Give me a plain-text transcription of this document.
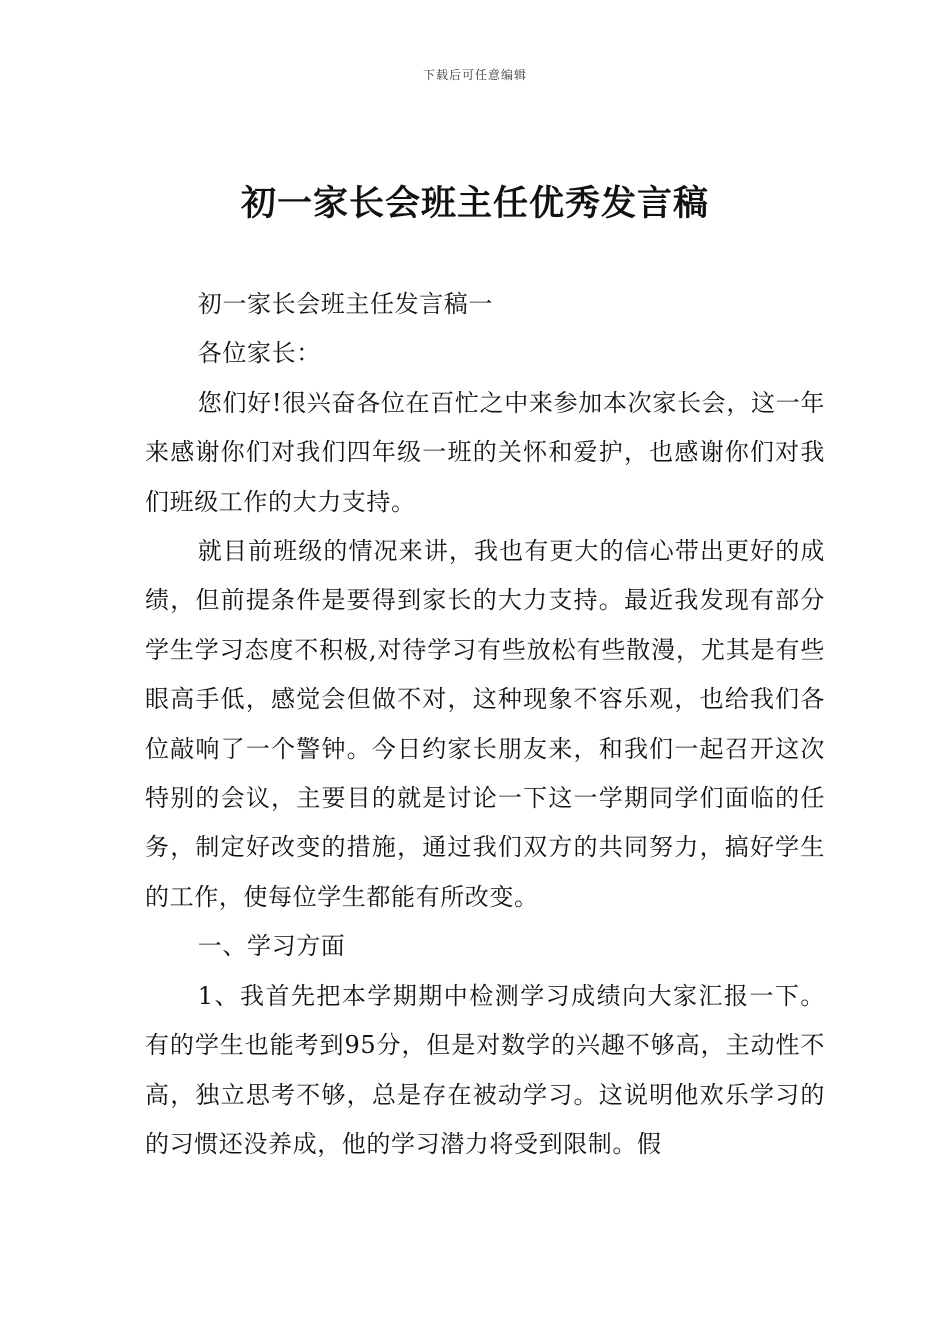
下载后可任意编辑
初一家长会班主任优秀发言稿

初一家长会班主任发言稿一

各位家长：

您们好!很兴奋各位在百忙之中来参加本次家长会，这一年来感谢你们对我们四年级一班的关怀和爱护，也感谢你们对我们班级工作的大力支持。

就目前班级的情况来讲，我也有更大的信心带出更好的成绩，但前提条件是要得到家长的大力支持。最近我发现有部分学生学习态度不积极,对待学习有些放松有些散漫，尤其是有些眼高手低，感觉会但做不对，这种现象不容乐观，也给我们各位敲响了一个警钟。今日约家长朋友来，和我们一起召开这次特别的会议，主要目的就是讨论一下这一学期同学们面临的任务，制定好改变的措施，通过我们双方的共同努力，搞好学生的工作，使每位学生都能有所改变。

一、学习方面

1、我首先把本学期期中检测学习成绩向大家汇报一下。有的学生也能考到95分，但是对数学的兴趣不够高，主动性不高，独立思考不够，总是存在被动学习。这说明他欢乐学习的的习惯还没养成，他的学习潜力将受到限制。假
